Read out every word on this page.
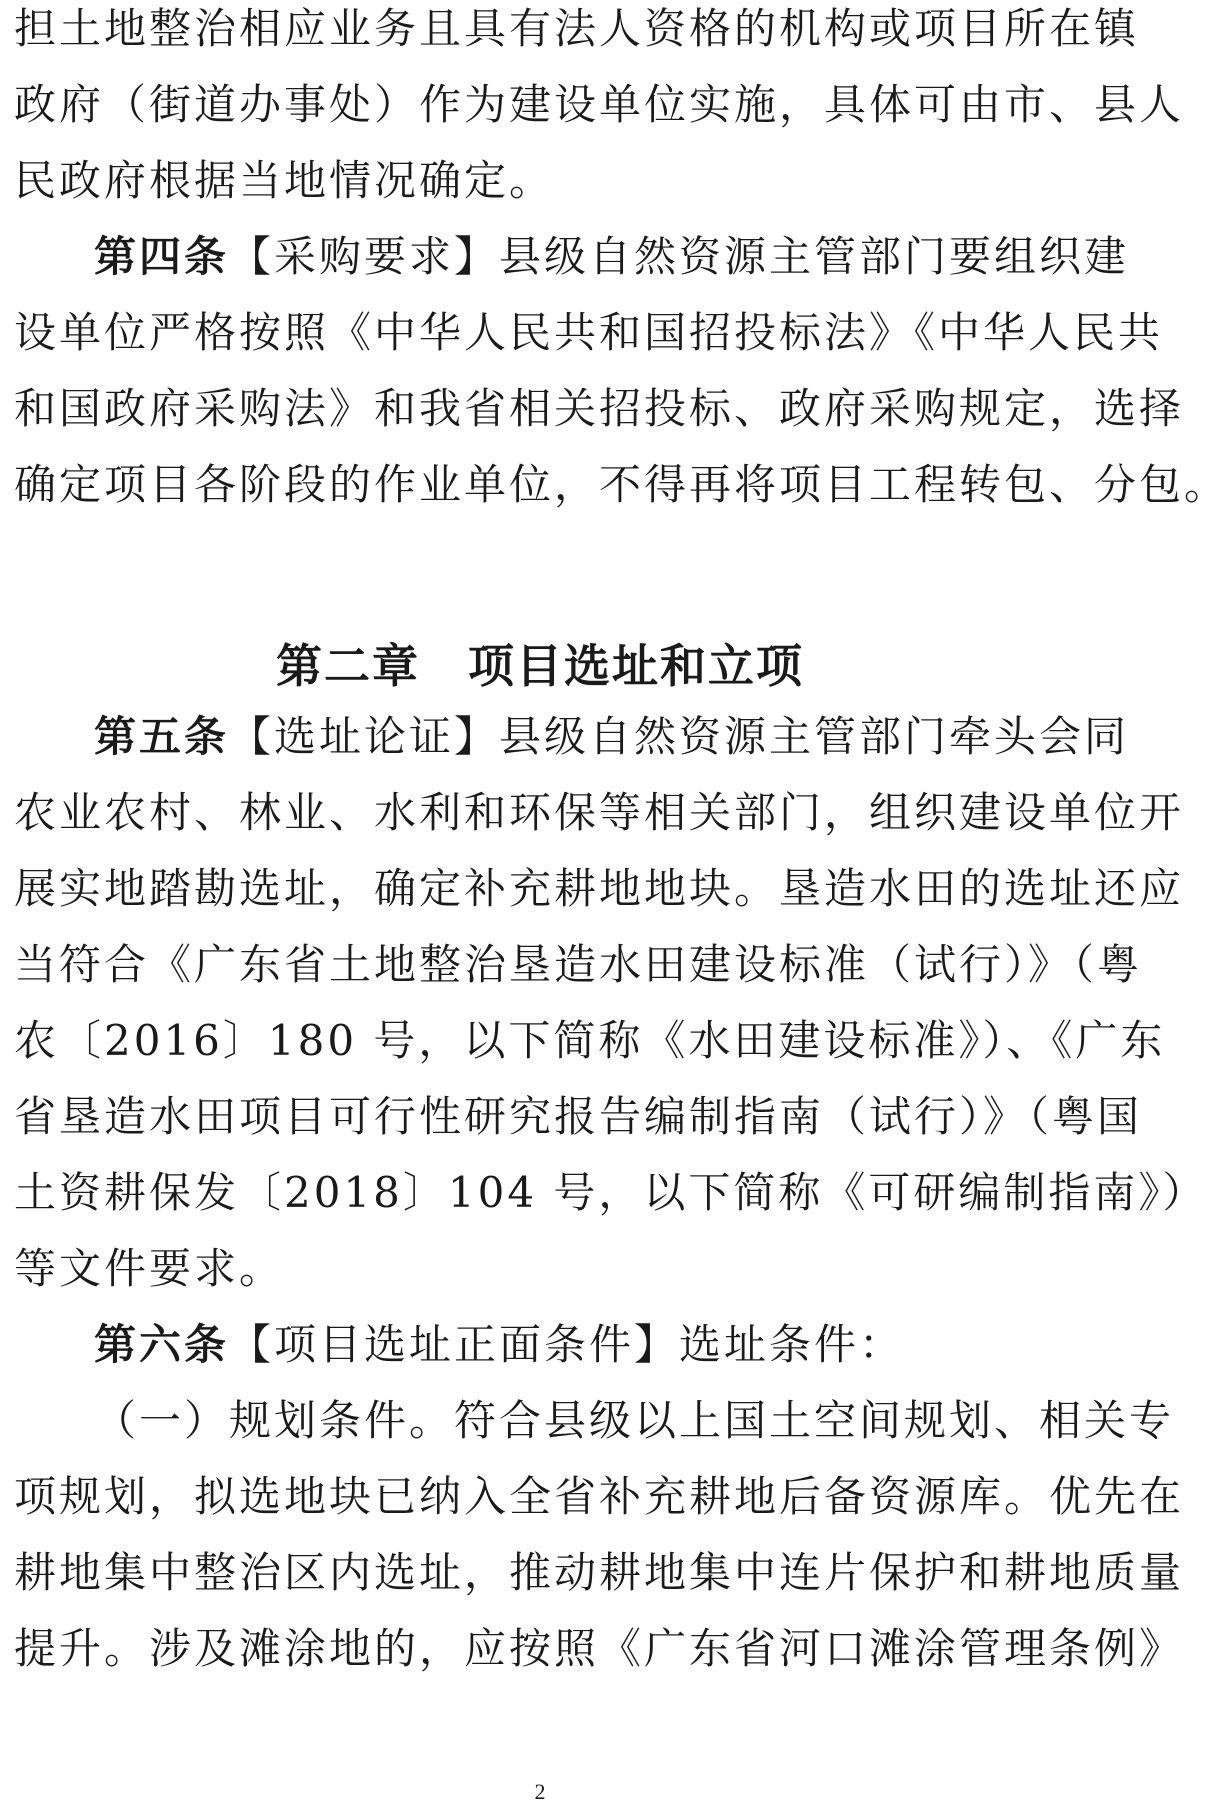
担土地整治相应业务且具有法人资格的机构或项目所在镇
政府（街道办事处）作为建设单位实施，具体可由市、县人
民政府根据当地情况确定。
第四条【采购要求】县级自然资源主管部门要组织建
设单位严格按照《中华人民共和国招投标法》《中华人民共
和国政府采购法》和我省相关招投标、政府采购规定，选择
确定项目各阶段的作业单位，不得再将项目工程转包、分包。
第二章　项目选址和立项
第五条【选址论证】县级自然资源主管部门牵头会同
农业农村、林业、水利和环保等相关部门，组织建设单位开
展实地踏勘选址，确定补充耕地地块。垦造水田的选址还应
当符合《广东省土地整治垦造水田建设标准（试行）》（粤
农〔2016〕180 号，以下简称《水田建设标准》）、《广东
省垦造水田项目可行性研究报告编制指南（试行）》（粤国
土资耕保发〔2018〕104 号，以下简称《可研编制指南》）
等文件要求。
第六条【项目选址正面条件】选址条件：
（一）规划条件。符合县级以上国土空间规划、相关专
项规划，拟选地块已纳入全省补充耕地后备资源库。优先在
耕地集中整治区内选址，推动耕地集中连片保护和耕地质量
提升。涉及滩涂地的，应按照《广东省河口滩涂管理条例》
2
